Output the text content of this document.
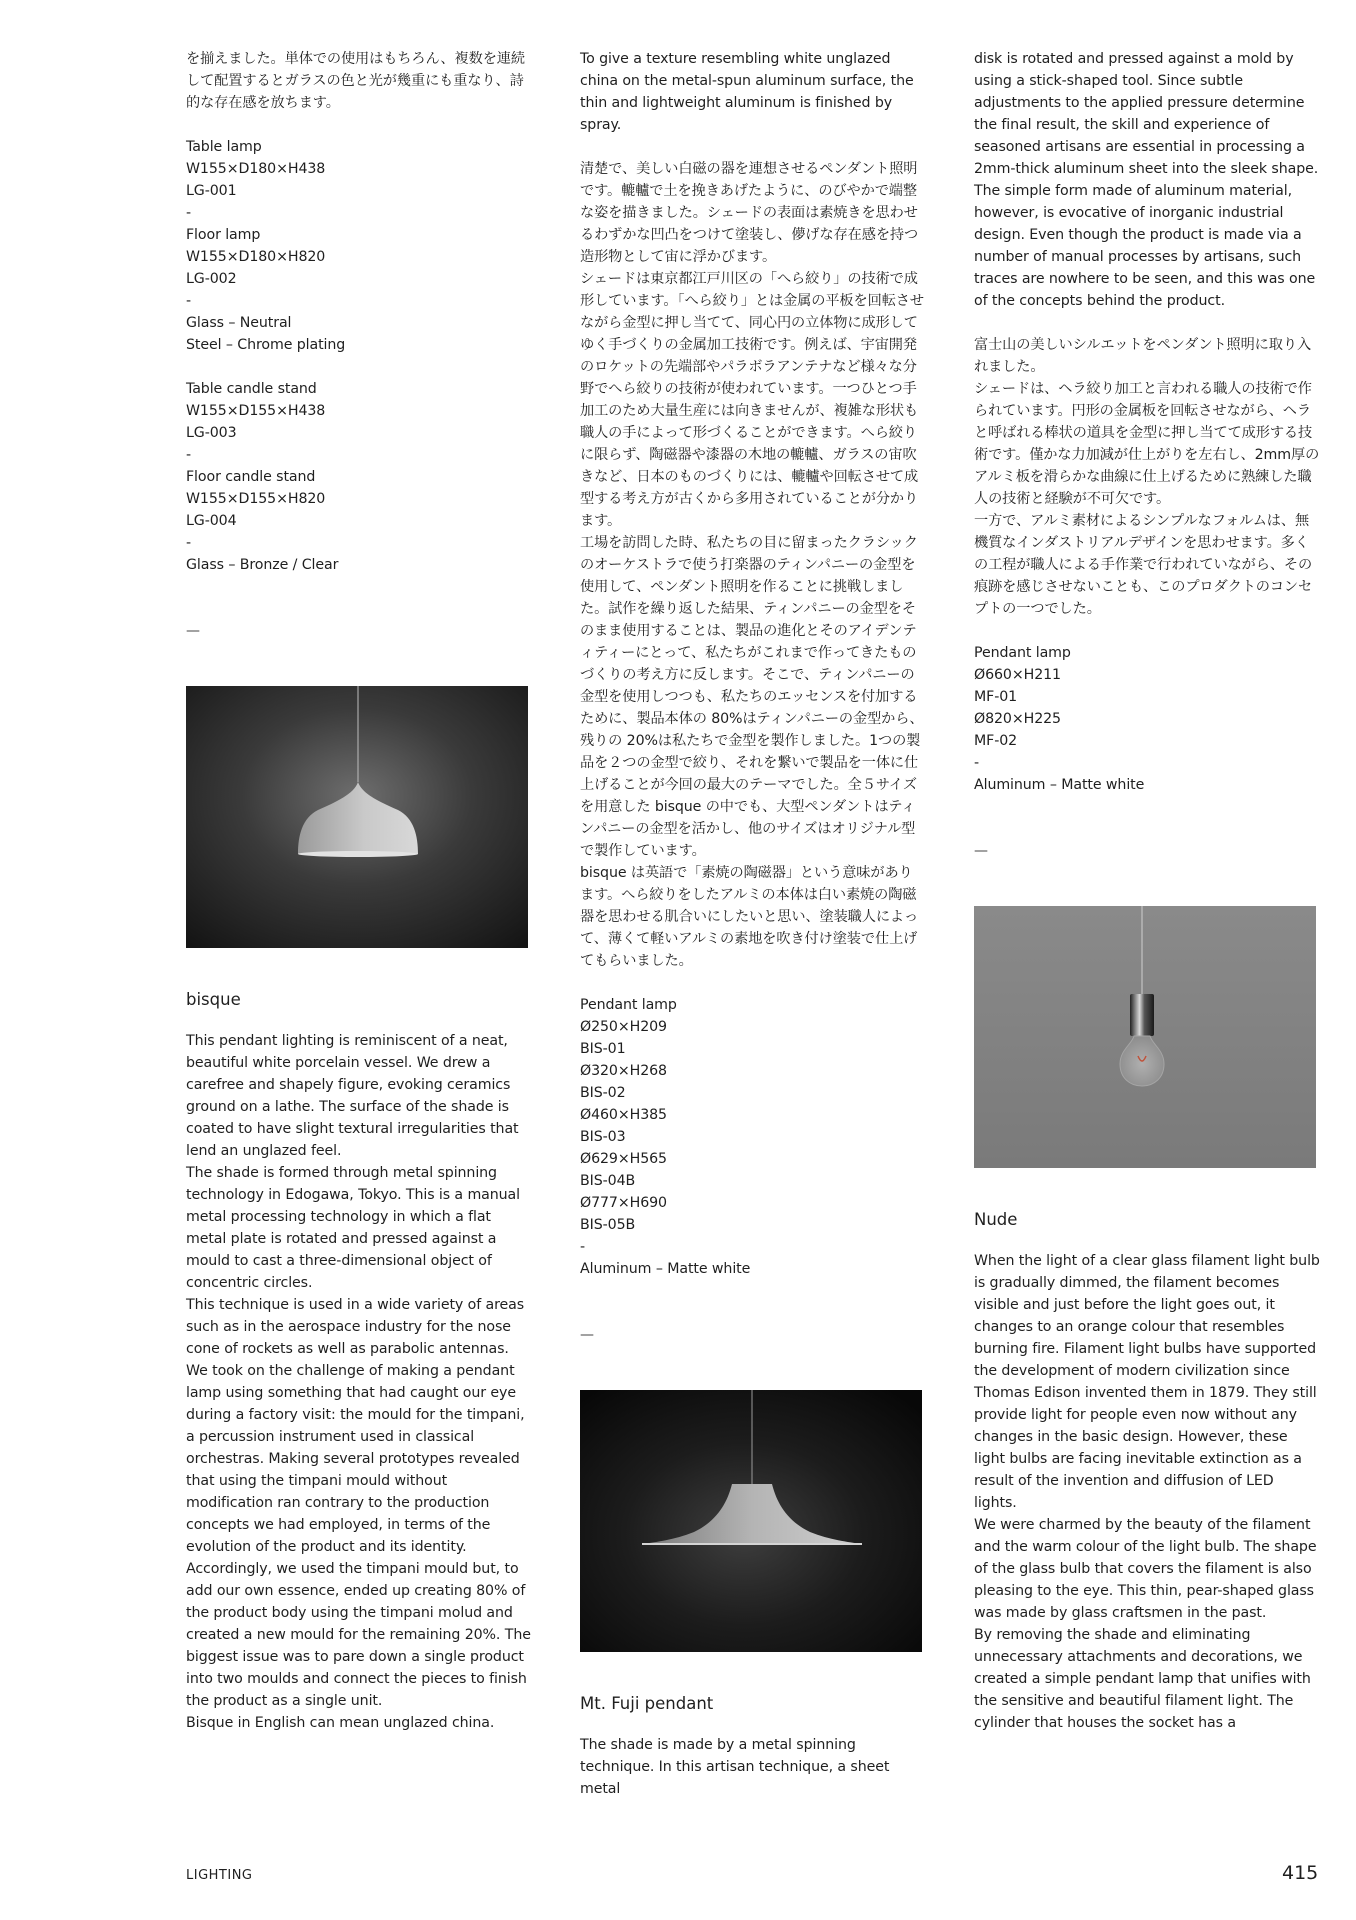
を揃えました。単体での使用はもちろん、複数を連続して配置するとガラスの色と光が幾重にも重なり、詩的な存在感を放ちます。

Table lamp

W155×D180×H438

LG-001

-

Floor lamp

W155×D180×H820

LG-002

-

Glass – Neutral

Steel – Chrome plating

Table candle stand

W155×D155×H438

LG-003

-

Floor candle stand

W155×D155×H820

LG-004

-

Glass – Bronze / Clear

—

bisque

This pendant lighting is reminiscent of a neat, beautiful white porcelain vessel. We drew a carefree and shapely figure, evoking ceramics ground on a lathe. The surface of the shade is coated to have slight textural irregularities that lend an unglazed feel.

The shade is formed through metal spinning technology in Edogawa, Tokyo. This is a manual metal processing technology in which a flat metal plate is rotated and pressed against a mould to cast a three-dimensional object of concentric circles.

This technique is used in a wide variety of areas such as in the aerospace industry for the nose cone of rockets as well as parabolic antennas.

We took on the challenge of making a pendant lamp using something that had caught our eye during a factory visit: the mould for the timpani, a percussion instrument used in classical orchestras. Making several prototypes revealed that using the timpani mould without modification ran contrary to the production concepts we had employed, in terms of the evolution of the product and its identity. Accordingly, we used the timpani mould but, to add our own essence, ended up creating 80% of the product body using the timpani molud and created a new mould for the remaining 20%. The biggest issue was to pare down a single product into two moulds and connect the pieces to finish the product as a single unit.

Bisque in English can mean unglazed china.

To give a texture resembling white unglazed china on the metal-spun aluminum surface, the thin and lightweight aluminum is finished by spray.

清楚で、美しい白磁の器を連想させるペンダント照明です。轆轤で土を挽きあげたように、のびやかで端整な姿を描きました。シェードの表面は素焼きを思わせるわずかな凹凸をつけて塗装し、儚げな存在感を持つ造形物として宙に浮かびます。

シェードは東京都江戸川区の「へら絞り」の技術で成形しています。「へら絞り」とは金属の平板を回転させながら金型に押し当てて、同心円の立体物に成形してゆく手づくりの金属加工技術です。例えば、宇宙開発のロケットの先端部やパラボラアンテナなど様々な分野でへら絞りの技術が使われています。一つひとつ手加工のため大量生産には向きませんが、複雑な形状も職人の手によって形づくることができます。へら絞りに限らず、陶磁器や漆器の木地の轆轤、ガラスの宙吹きなど、日本のものづくりには、轆轤や回転させて成型する考え方が古くから多用されていることが分かります。

工場を訪問した時、私たちの目に留まったクラシックのオーケストラで使う打楽器のティンパニーの金型を使用して、ペンダント照明を作ることに挑戦しました。試作を繰り返した結果、ティンパニーの金型をそのまま使用することは、製品の進化とそのアイデンティティーにとって、私たちがこれまで作ってきたものづくりの考え方に反します。そこで、ティンパニーの金型を使用しつつも、私たちのエッセンスを付加するために、製品本体の 80%はティンパニーの金型から、残りの 20%は私たちで金型を製作しました。1つの製品を２つの金型で絞り、それを繋いで製品を一体に仕上げることが今回の最大のテーマでした。全５サイズを用意した bisque の中でも、大型ペンダントはティンパニーの金型を活かし、他のサイズはオリジナル型で製作しています。

bisque は英語で「素焼の陶磁器」という意味があります。へら絞りをしたアルミの本体は白い素焼の陶磁器を思わせる肌合いにしたいと思い、塗装職人によって、薄くて軽いアルミの素地を吹き付け塗装で仕上げてもらいました。

Pendant lamp

Ø250×H209

BIS-01

Ø320×H268

BIS-02

Ø460×H385

BIS-03

Ø629×H565

BIS-04B

Ø777×H690

BIS-05B

-

Aluminum – Matte white

—

Mt. Fuji pendant

The shade is made by a metal spinning technique. In this artisan technique, a sheet metal

disk is rotated and pressed against a mold by using a stick-shaped tool. Since subtle adjustments to the applied pressure determine the final result, the skill and experience of seasoned artisans are essential in processing a 2mm-thick aluminum sheet into the sleek shape.

The simple form made of aluminum material, however, is evocative of inorganic industrial design. Even though the product is made via a number of manual processes by artisans, such traces are nowhere to be seen, and this was one of the concepts behind the product.

富士山の美しいシルエットをペンダント照明に取り入れました。

シェードは、ヘラ絞り加工と言われる職人の技術で作られています。円形の金属板を回転させながら、ヘラと呼ばれる棒状の道具を金型に押し当てて成形する技術です。僅かな力加減が仕上がりを左右し、2mm厚のアルミ板を滑らかな曲線に仕上げるために熟練した職人の技術と経験が不可欠です。

一方で、アルミ素材によるシンプルなフォルムは、無機質なインダストリアルデザインを思わせます。多くの工程が職人による手作業で行われていながら、その痕跡を感じさせないことも、このプロダクトのコンセプトの一つでした。

Pendant lamp

Ø660×H211

MF-01

Ø820×H225

MF-02

-

Aluminum – Matte white

—

Nude

When the light of a clear glass filament light bulb is gradually dimmed, the filament becomes visible and just before the light goes out, it changes to an orange colour that resembles burning fire. Filament light bulbs have supported the development of modern civilization since Thomas Edison invented them in 1879. They still provide light for people even now without any changes in the basic design. However, these light bulbs are facing inevitable extinction as a result of the invention and diffusion of LED lights.

We were charmed by the beauty of the filament and the warm colour of the light bulb. The shape of the glass bulb that covers the filament is also pleasing to the eye. This thin, pear-shaped glass was made by glass craftsmen in the past.

By removing the shade and eliminating unnecessary attachments and decorations, we created a simple pendant lamp that unifies with the sensitive and beautiful filament light. The cylinder that houses the socket has a

LIGHTING	415
